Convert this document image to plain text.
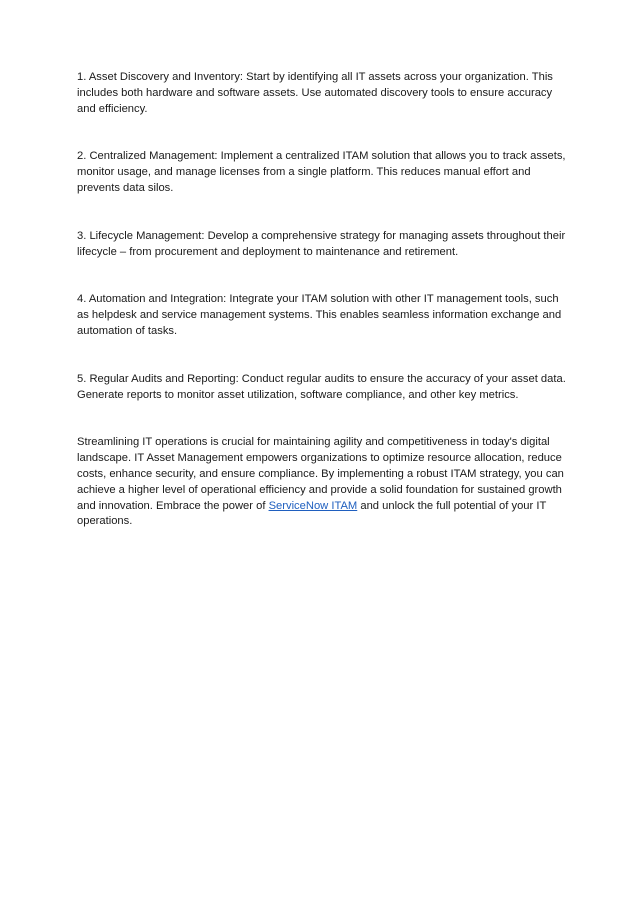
1. Asset Discovery and Inventory: Start by identifying all IT assets across your organization. This includes both hardware and software assets. Use automated discovery tools to ensure accuracy and efficiency.

2. Centralized Management: Implement a centralized ITAM solution that allows you to track assets, monitor usage, and manage licenses from a single platform. This reduces manual effort and prevents data silos.

3. Lifecycle Management: Develop a comprehensive strategy for managing assets throughout their lifecycle – from procurement and deployment to maintenance and retirement.

4. Automation and Integration: Integrate your ITAM solution with other IT management tools, such as helpdesk and service management systems. This enables seamless information exchange and automation of tasks.

5. Regular Audits and Reporting: Conduct regular audits to ensure the accuracy of your asset data. Generate reports to monitor asset utilization, software compliance, and other key metrics.

Streamlining IT operations is crucial for maintaining agility and competitiveness in today's digital landscape. IT Asset Management empowers organizations to optimize resource allocation, reduce costs, enhance security, and ensure compliance. By implementing a robust ITAM strategy, you can achieve a higher level of operational efficiency and provide a solid foundation for sustained growth and innovation. Embrace the power of ServiceNow ITAM and unlock the full potential of your IT operations.
